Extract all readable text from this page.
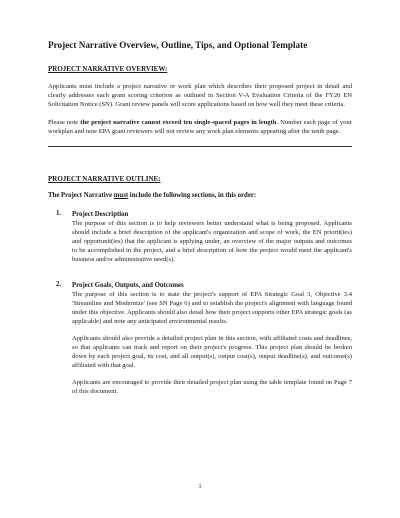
Project Narrative Overview, Outline, Tips, and Optional Template
PROJECT NARRATIVE OVERVIEW:

Applicants must include a project narrative or work plan which describes their proposed project in detail and clearly addresses each grant scoring criterion as outlined in Section V-A Evaluation Criteria of the FY20 EN Solicitation Notice (SN). Grant review panels will score applications based on how well they meet these criteria.

Please note the project narrative cannot exceed ten single-spaced pages in length. Number each page of your workplan and note EPA grant reviewers will not review any work plan elements appearing after the tenth page.

PROJECT NARRATIVE OUTLINE:
The Project Narrative must include the following sections, in this order:
1.	Project Description

The purpose of this section is to help reviewers better understand what is being proposed. Applicants should include a brief description of the applicant's organization and scope of work, the EN priorit(ies) and opportunit(ies) that the applicant is applying under, an overview of the major outputs and outcomes to be accomplished in the project, and a brief description of how the project would meet the applicant's business and/or administrative need(s).

2.	Project Goals, Outputs, and Outcomes

The purpose of this section is to state the project's support of EPA Strategic Goal 3, Objective 3.4 'Streamline and Modernize' (see SN Page 6) and to establish the project's alignment with language found under this objective. Applicants should also detail how their project supports other EPA strategic goals (as applicable) and note any anticipated environmental results.

Applicants should also provide a detailed project plan in this section, with affiliated costs and deadlines, so that applicants can track and report on their project's progress. This project plan should be broken down by each project goal, its cost, and all output(s), output cost(s), output deadline(s), and outcome(s) affiliated with that goal.

Applicants are encouraged to provide their detailed project plan using the table template found on Page 7 of this document.

1
